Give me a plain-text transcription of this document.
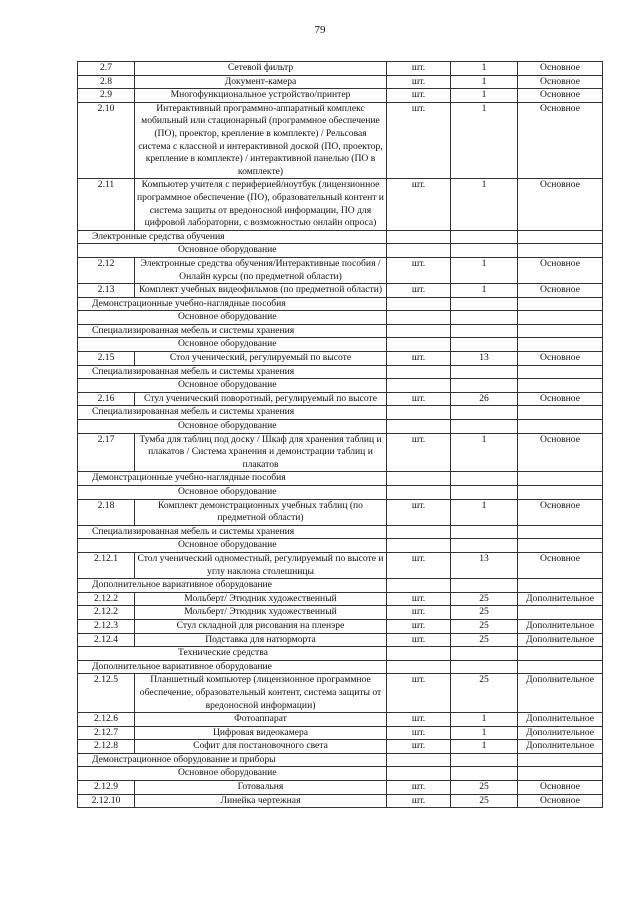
79
2.7	Сетевой фильтр	шт.	1	Основное
2.8	Документ-камера	шт.	1	Основное
2.9	Многофункциональное устройство/принтер	шт.	1	Основное
2.10	Интерактивный программно-аппаратный комплекс мобильный или стационарный (программное обеспечение (ПО), проектор, крепление в комплекте) / Рельсовая система с классной и интерактивной доской (ПО, проектор, крепление в комплекте) / интерактивной панелью (ПО в комплекте)	шт.	1	Основное
2.11	Компьютер учителя с периферией/ноутбук (лицензионное программное обеспечение (ПО), образовательный контент и система защиты от вредоносной информации, ПО для цифровой лабораторни, с возможностью онлайн опроса)	шт.	1	Основное
Электронные средства обучения				
Основное оборудование				
2.12	Электронные средства обучения/Интерактивные пособия / Онлайн курсы (по предметной области)	шт.	1	Основное
2.13	Комплект учебных видеофильмов (по предметной области)	шт.	1	Основное
Демонстрационные учебно-наглядные пособия				
Основное оборудование				
Специализированная мебель и системы хранения				
Основное оборудование				
2.15	Стол ученический, регулируемый по высоте	шт.	13	Основное
Специализированная мебель и системы хранения				
Основное оборудование				
2.16	Стул ученический поворотный, регулируемый по высоте	шт.	26	Основное
Специализированная мебель и системы хранения				
Основное оборудование				
2.17	Тумба для таблиц под доску / Шкаф для хранения таблиц и плакатов / Система хранения и демонстрации таблиц и плакатов	шт.	1	Основное
Демонстрационные учебно-наглядные пособия				
Основное оборудование				
2.18	Комплект демонстрационных учебных таблиц (по предметной области)	шт.	1	Основное
Специализированная мебель и системы хранения				
Основное оборудование				
2.12.1	Стол ученический одноместный, регулируемый по высоте и углу наклона столешницы	шт.	13	Основное
Дополнительное вариативное оборудование				
2.12.2	Мольберт/ Этюдник художественный	шт.	25	Дополнительное
2.12.2	Мольберт/ Этюдник художественный	шт.	25	
2.12.3	Стул складной для рисования на пленэре	шт.	25	Дополнительное
2.12.4	Подставка для натюрморта	шт.	25	Дополнительное
Технические средства				
Дополнительное вариативное оборудование				
2.12.5	Планшетный компьютер (лицензионное программное обеспечение, образовательный контент, система защиты от вредоносной информации)	шт.	25	Дополнительное
2.12.6	Фотоаппарат	шт.	1	Дополнительное
2.12.7	Цифровая видеокамера	шт.	1	Дополнительное
2.12.8	Софит для постановочного света	шт.	1	Дополнительное
Демонстрационное оборудование и приборы				
Основное оборудование				
2.12.9	Готовальня	шт.	25	Основное
2.12.10	Линейка чертежная	шт.	25	Основное
